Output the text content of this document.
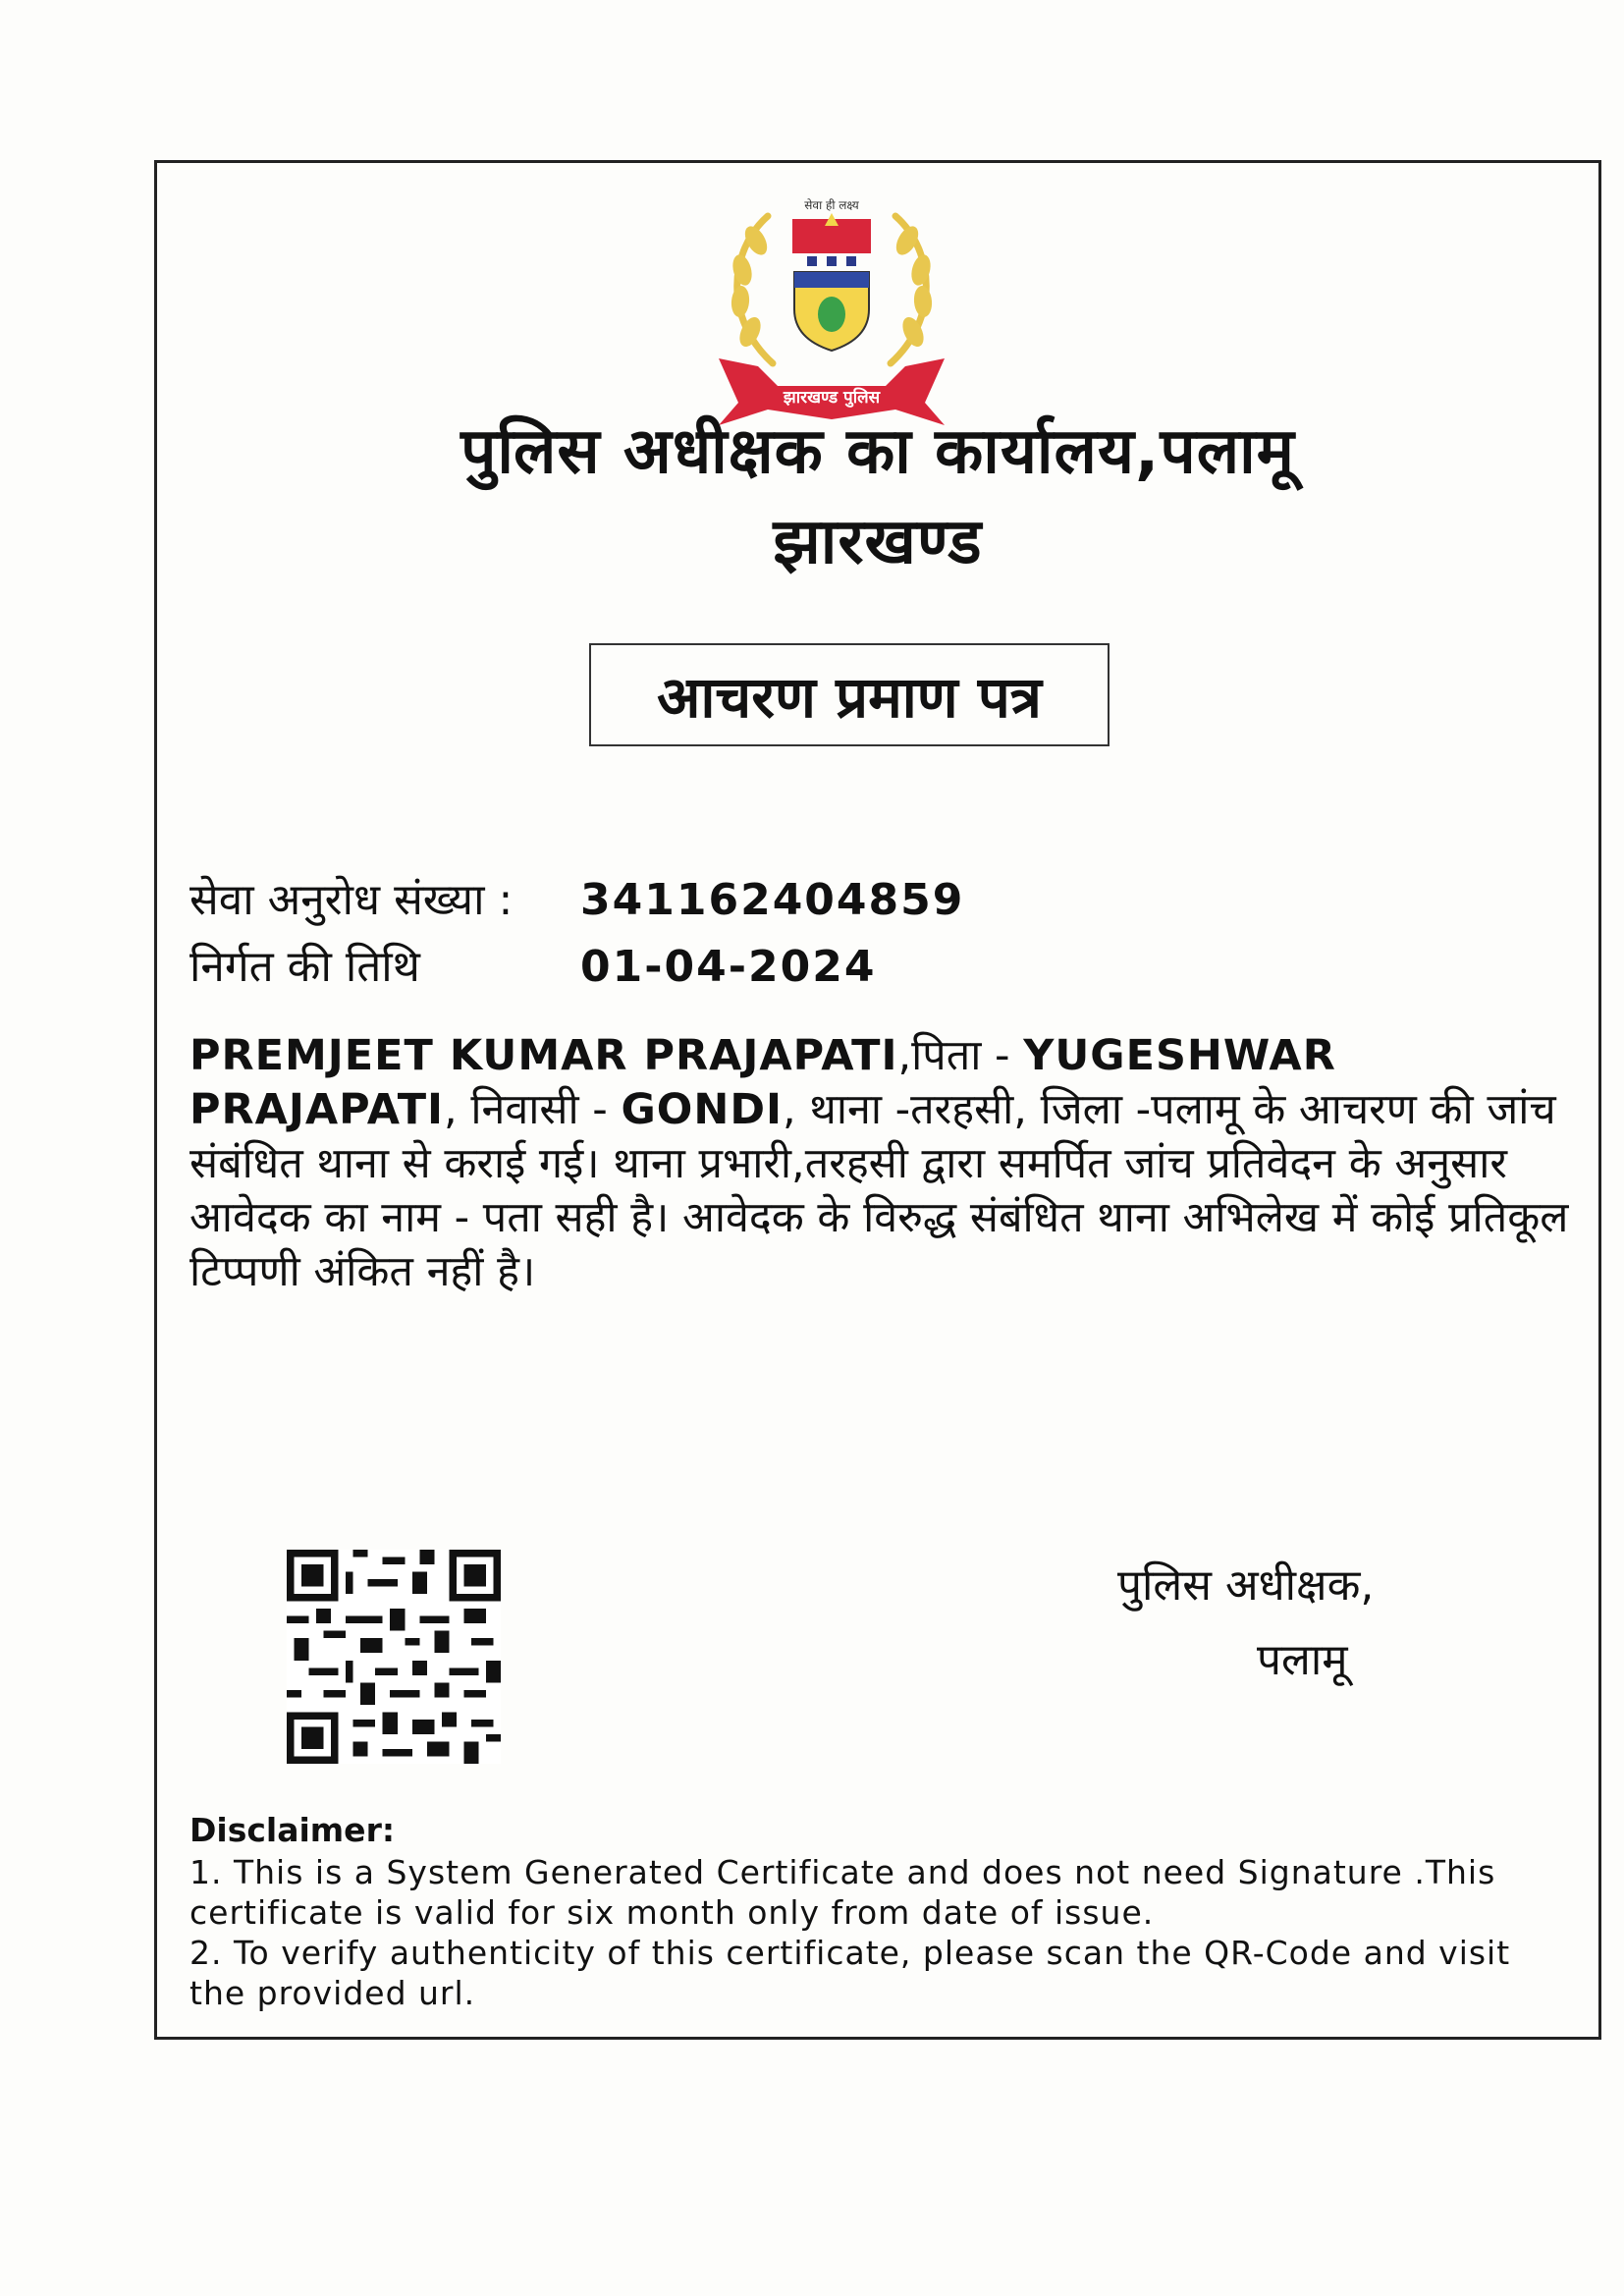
सेवा ही लक्ष्य
झारखण्ड पुलिस
पुलिस अधीक्षक का कार्यालय,पलामू
झारखण्ड
आचरण प्रमाण पत्र
सेवा अनुरोध संख्या : 341162404859
निर्गत की तिथि	01-04-2024
PREMJEET KUMAR PRAJAPATI,पिता - YUGESHWAR PRAJAPATI, निवासी - GONDI, थाना -तरहसी, जिला -पलामू के आचरण की जांच संबंधित थाना से कराई गई। थाना प्रभारी,तरहसी द्वारा समर्पित जांच प्रतिवेदन के अनुसार आवेदक का नाम - पता सही है। आवेदक के विरुद्ध संबंधित थाना अभिलेख में कोई प्रतिकूल टिप्पणी अंकित नहीं है।
पुलिस अधीक्षक,
पलामू
Disclaimer:

1. This is a System Generated Certificate and does not need Signature .This certificate is valid for six month only from date of issue.

2. To verify authenticity of this certificate, please scan the QR-Code and visit the provided url.
